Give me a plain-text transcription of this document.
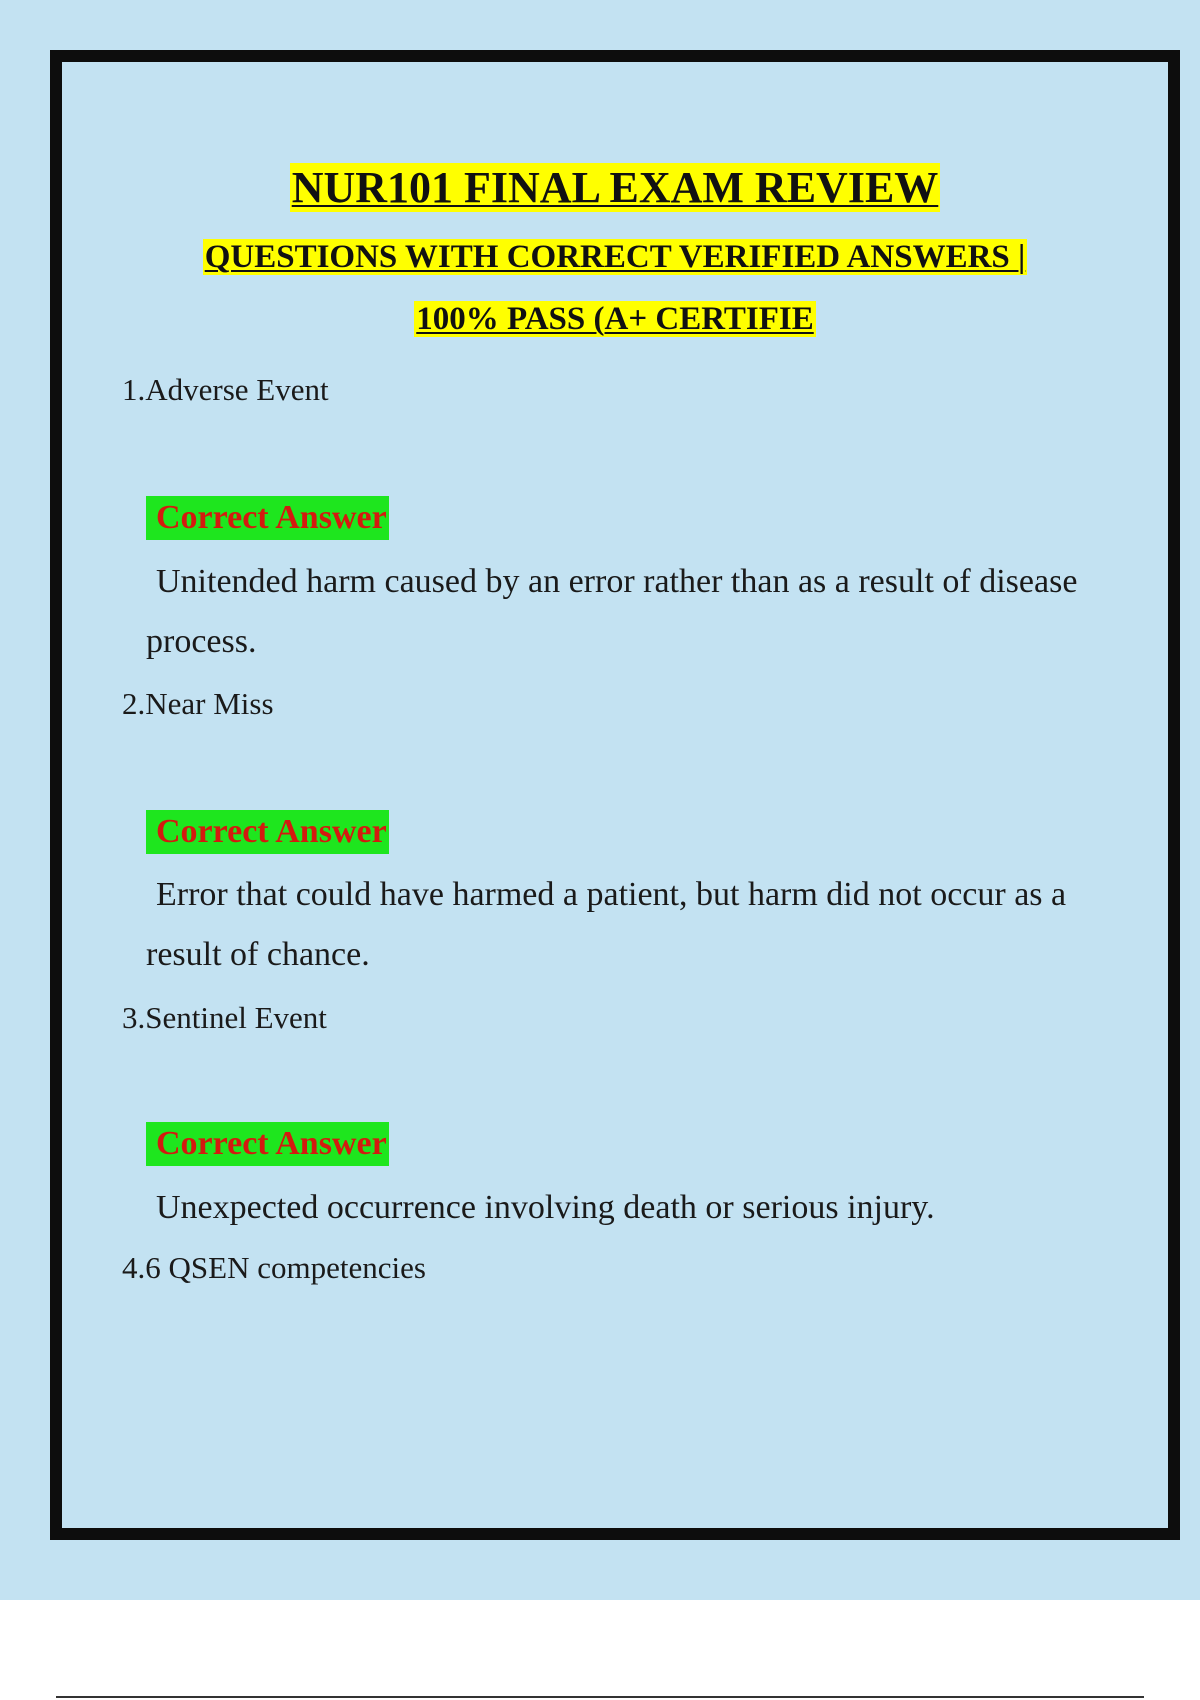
NUR101 FINAL EXAM REVIEW
QUESTIONS WITH CORRECT VERIFIED ANSWERS |
100% PASS (A+ CERTIFIE

1.Adverse Event

Correct Answer

Unitended harm caused by an error rather than as a result of disease process.

2.Near Miss

Correct Answer

Error that could have harmed a patient, but harm did not occur as a result of chance.

3.Sentinel Event

Correct Answer

Unexpected occurrence involving death or serious injury.

4.6 QSEN competencies
